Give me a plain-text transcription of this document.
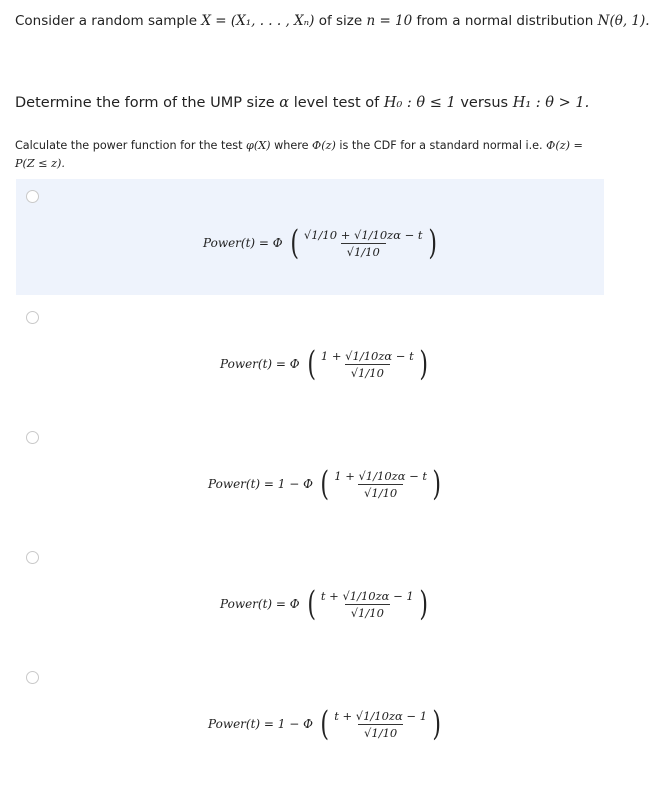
Consider a random sample X = (X₁, . . . , Xₙ) of size n = 10 from a normal distribution N(θ, 1).
Determine the form of the UMP size α level test of H₀ : θ ≤ 1 versus H₁ : θ > 1.
Calculate the power function for the test φ(X) where Φ(z) is the CDF for a standard normal i.e. Φ(z) = P(Z ≤ z).
Power(t) = Φ ( $\frac{√1/10 + √1/10z\alpha - t}{√1/10}$ )
Power(t) = Φ ( $\frac{1 + √1/10z\alpha - t}{√1/10}$ )
Power(t) = 1 − Φ ( $\frac{1 + √1/10z\alpha - t}{√1/10}$ )
Power(t) = Φ ( $\frac{t + √1/10z\alpha - 1}{√1/10}$ )
Power(t) = 1 − Φ ( $\frac{t + √1/10z\alpha - 1}{√1/10}$ )
